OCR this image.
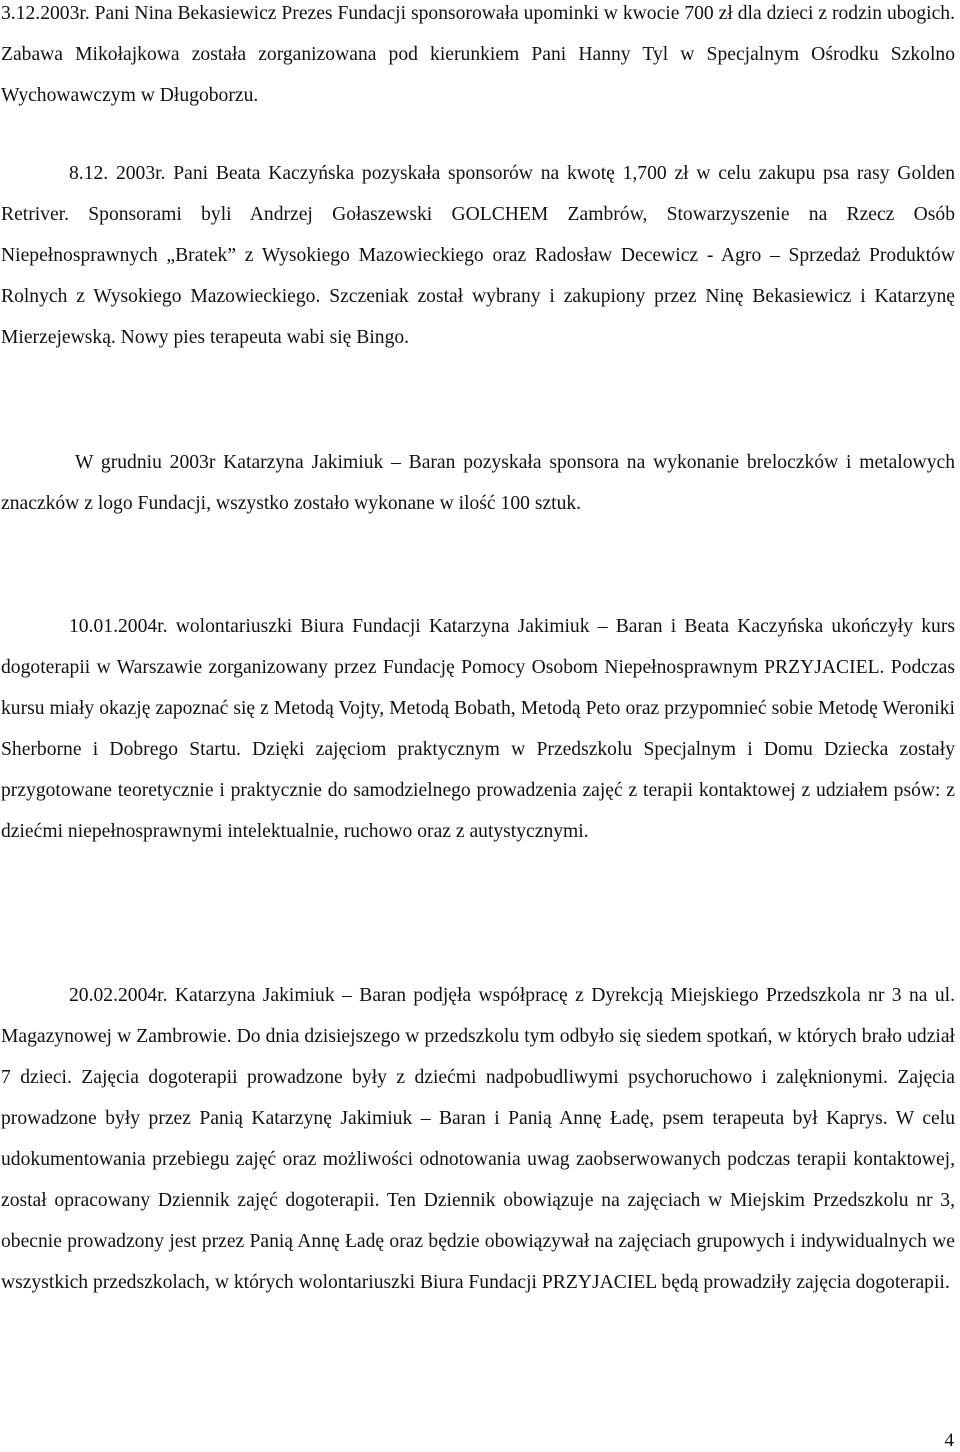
3.12.2003r. Pani Nina Bekasiewicz Prezes Fundacji sponsorowała upominki w kwocie 700 zł dla dzieci z rodzin ubogich. Zabawa Mikołajkowa została zorganizowana pod kierunkiem Pani Hanny Tyl w Specjalnym Ośrodku Szkolno Wychowawczym w Długoborzu.

8.12. 2003r. Pani Beata Kaczyńska pozyskała sponsorów na kwotę 1,700 zł w celu zakupu psa rasy Golden Retriver. Sponsorami byli Andrzej Gołaszewski GOLCHEM Zambrów, Stowarzyszenie na Rzecz Osób Niepełnosprawnych „Bratek” z Wysokiego Mazowieckiego oraz Radosław Decewicz - Agro – Sprzedaż Produktów Rolnych z Wysokiego Mazowieckiego. Szczeniak został wybrany i zakupiony przez Ninę Bekasiewicz i Katarzynę Mierzejewską. Nowy pies terapeuta wabi się Bingo.

W grudniu 2003r Katarzyna Jakimiuk – Baran pozyskała sponsora na wykonanie breloczków i metalowych znaczków z logo Fundacji, wszystko zostało wykonane w ilość 100 sztuk.

10.01.2004r. wolontariuszki Biura Fundacji Katarzyna Jakimiuk – Baran i Beata Kaczyńska ukończyły kurs dogoterapii w Warszawie zorganizowany przez Fundację Pomocy Osobom Niepełnosprawnym PRZYJACIEL. Podczas kursu miały okazję zapoznać się z Metodą Vojty, Metodą Bobath, Metodą Peto oraz przypomnieć sobie Metodę Weroniki Sherborne i Dobrego Startu. Dzięki zajęciom praktycznym w Przedszkolu Specjalnym i Domu Dziecka zostały przygotowane teoretycznie i praktycznie do samodzielnego prowadzenia zajęć z terapii kontaktowej z udziałem psów: z dziećmi niepełnosprawnymi intelektualnie, ruchowo oraz z autystycznymi.

20.02.2004r. Katarzyna Jakimiuk – Baran podjęła współpracę z Dyrekcją Miejskiego Przedszkola nr 3 na ul. Magazynowej w Zambrowie. Do dnia dzisiejszego w przedszkolu tym odbyło się siedem spotkań, w których brało udział 7 dzieci. Zajęcia dogoterapii prowadzone były z dziećmi nadpobudliwymi psychoruchowo i zalęknionymi. Zajęcia prowadzone były przez Panią Katarzynę Jakimiuk – Baran i Panią Annę Ładę, psem terapeuta był Kaprys. W celu udokumentowania przebiegu zajęć oraz możliwości odnotowania uwag zaobserwowanych podczas terapii kontaktowej, został opracowany Dziennik zajęć dogoterapii. Ten Dziennik obowiązuje na zajęciach w Miejskim Przedszkolu nr 3, obecnie prowadzony jest przez Panią Annę Ładę oraz będzie obowiązywał na zajęciach grupowych i indywidualnych we wszystkich przedszkolach, w których wolontariuszki Biura Fundacji PRZYJACIEL będą prowadziły zajęcia dogoterapii.

4
